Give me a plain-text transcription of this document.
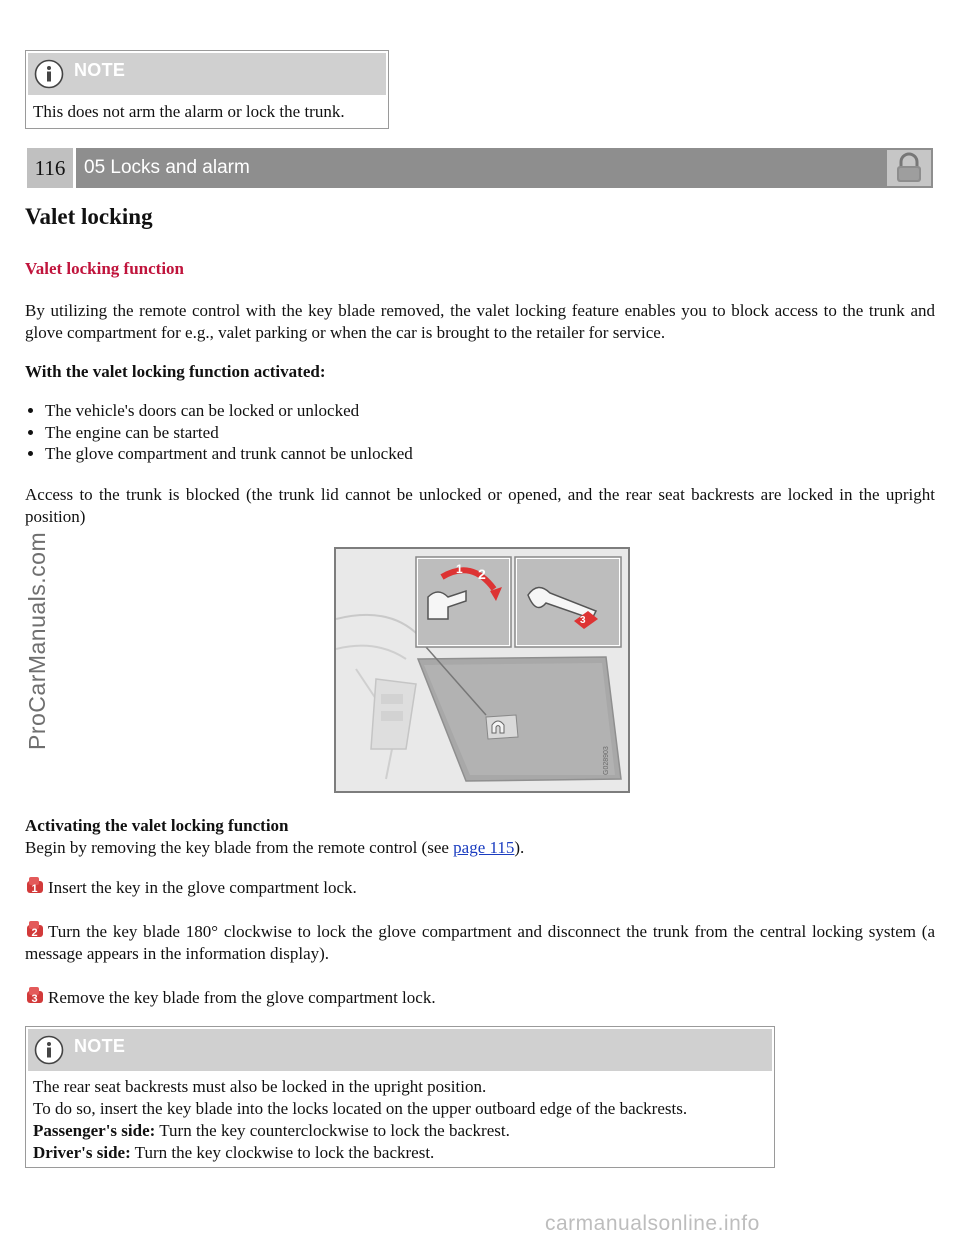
NOTE

This does not arm the alarm or lock the trunk.

116 05 Locks and alarm
Valet locking
Valet locking function

By utilizing the remote control with the key blade removed, the valet locking feature enables you to block access to the trunk and glove compartment for e.g., valet parking or when the car is brought to the retailer for service.

With the valet locking function activated:

• The vehicle's doors can be locked or unlocked
• The engine can be started
• The glove compartment and trunk cannot be unlocked

Access to the trunk is blocked (the trunk lid cannot be unlocked or opened, and the rear seat backrests are locked in the upright position)

1 2
3
G028903

Activating the valet locking function

Begin by removing the key blade from the remote control (see page 115).

1 Insert the key in the glove compartment lock.

2 Turn the key blade 180° clockwise to lock the glove compartment and disconnect the trunk from the central locking system (a message appears in the information display).

3 Remove the key blade from the glove compartment lock.

NOTE

The rear seat backrests must also be locked in the upright position.

To do so, insert the key blade into the locks located on the upper outboard edge of the backrests.

Passenger's side: Turn the key counterclockwise to lock the backrest.

Driver's side: Turn the key clockwise to lock the backrest.

ProCarManuals.com
carmanualsonline.info
